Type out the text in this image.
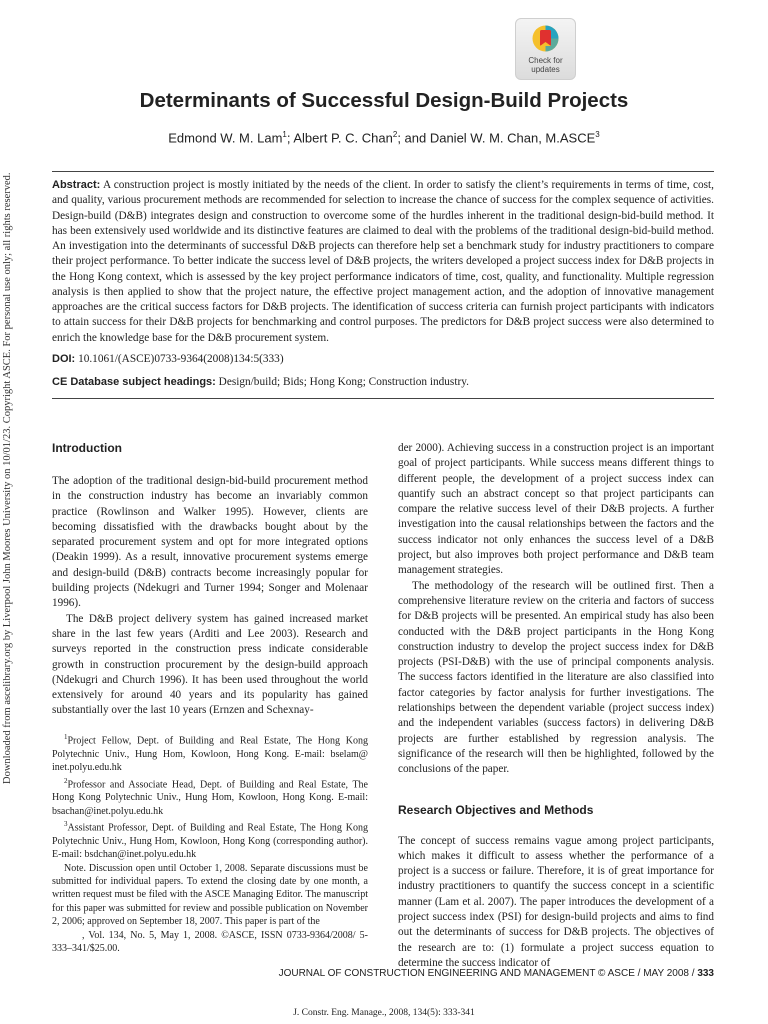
Downloaded from ascelibrary.org by Liverpool John Moores University on 10/01/23. Copyright ASCE. For personal use only; all rights reserved.
Check for
updates
Determinants of Successful Design-Build Projects
Edmond W. M. Lam$^1$; Albert P. C. Chan$^2$; and Daniel W. M. Chan, M.ASCE$^3$

Abstract: A construction project is mostly initiated by the needs of the client. In order to satisfy the client’s requirements in terms of time, cost, and quality, various procurement methods are recommended for selection to increase the chance of success for the complex sequence of activities. Design-build (D&B) integrates design and construction to overcome some of the hurdles inherent in the traditional design-bid-build method. It has been extensively used worldwide and its distinctive features are claimed to deal with the problems of the traditional design-bid-build method. An investigation into the determinants of successful D&B projects can therefore help set a benchmark study for industry practitioners to compare their project performance. To better indicate the success level of D&B projects, the writers developed a project success index for D&B projects in the Hong Kong context, which is assessed by the key project performance indicators of time, cost, quality, and functionality. Multiple regression analysis is then applied to show that the project nature, the effective project management action, and the adoption of innovative management approaches are the critical success factors for D&B projects. The identification of success criteria can furnish project participants with indicators to attain success for their D&B projects for benchmarking and control purposes. The predictors for D&B project success were also determined to enrich the knowledge base for the D&B procurement system.

DOI: 10.1061/(ASCE)0733-9364(2008)134:5(333)
CE Database subject headings: Design/build; Bids; Hong Kong; Construction industry.
Introduction

The adoption of the traditional design-bid-build procurement method in the construction industry has become an invariably common practice (Rowlinson and Walker 1995). However, clients are becoming dissatisfied with the drawbacks bought about by the separated procurement system and opt for more integrated options (Deakin 1999). As a result, innovative procurement systems emerge and design-build (D&B) contracts become increasingly popular for building projects (Ndekugri and Turner 1994; Songer and Molenaar 1996).

The D&B project delivery system has gained increased market share in the last few years (Arditi and Lee 2003). Research and surveys reported in the construction press indicate considerable growth in construction procurement by the design-build approach (Ndekugri and Church 1996). It has been used throughout the world extensively for around 40 years and its popularity has gained substantially over the last 10 years (Ernzen and Schexnay-

$^1$Project Fellow, Dept. of Building and Real Estate, The Hong Kong Polytechnic Univ., Hung Hom, Kowloon, Hong Kong. E-mail: bselam@ inet.polyu.edu.hk

$^2$Professor and Associate Head, Dept. of Building and Real Estate, The Hong Kong Polytechnic Univ., Hung Hom, Kowloon, Hong Kong. E-mail: bsachan@inet.polyu.edu.hk

$^3$Assistant Professor, Dept. of Building and Real Estate, The Hong Kong Polytechnic Univ., Hung Hom, Kowloon, Hong Kong (corresponding author). E-mail: bsdchan@inet.polyu.edu.hk

Note. Discussion open until October 1, 2008. Separate discussions must be submitted for individual papers. To extend the closing date by one month, a written request must be filed with the ASCE Managing Editor. The manuscript for this paper was submitted for review and possible publication on November 2, 2006; approved on September 18, 2007. This paper is part of the

, Vol. 134, No. 5, May 1, 2008. ©ASCE, ISSN 0733-9364/2008/ 5-333–341/$25.00.

der 2000). Achieving success in a construction project is an important goal of project participants. While success means different things to different people, the development of a project success index can quantify such an abstract concept so that project participants can compare the relative success level of their D&B projects. A further investigation into the causal relationships between the factors and the success indicator not only enhances the success level of a D&B project, but also improves both project performance and D&B team management strategies.

The methodology of the research will be outlined first. Then a comprehensive literature review on the criteria and factors of success for D&B projects will be presented. An empirical study has also been conducted with the D&B project participants in the Hong Kong construction industry to develop the project success index for D&B projects (PSI-D&B) with the use of principal components analysis. The success factors identified in the literature are also classified into factor categories by factor analysis for further investigations. The relationships between the dependent variable (project success index) and the independent variables (success factors) in delivering D&B projects are further established by regression analysis. The significance of the research will then be highlighted, followed by the conclusions of the paper.

Research Objectives and Methods

The concept of success remains vague among project participants, which makes it difficult to assess whether the performance of a project is a success or failure. Therefore, it is of great importance for industry practitioners to quantify the success concept in a scientific manner (Lam et al. 2007). The paper introduces the development of a project success index (PSI) for design-build projects and aims to find out the determinants of success for D&B projects. The objectives of the research are to: (1) formulate a project success equation to determine the success indicator of

JOURNAL OF CONSTRUCTION ENGINEERING AND MANAGEMENT © ASCE / MAY 2008 / 333
J. Constr. Eng. Manage., 2008, 134(5): 333-341
